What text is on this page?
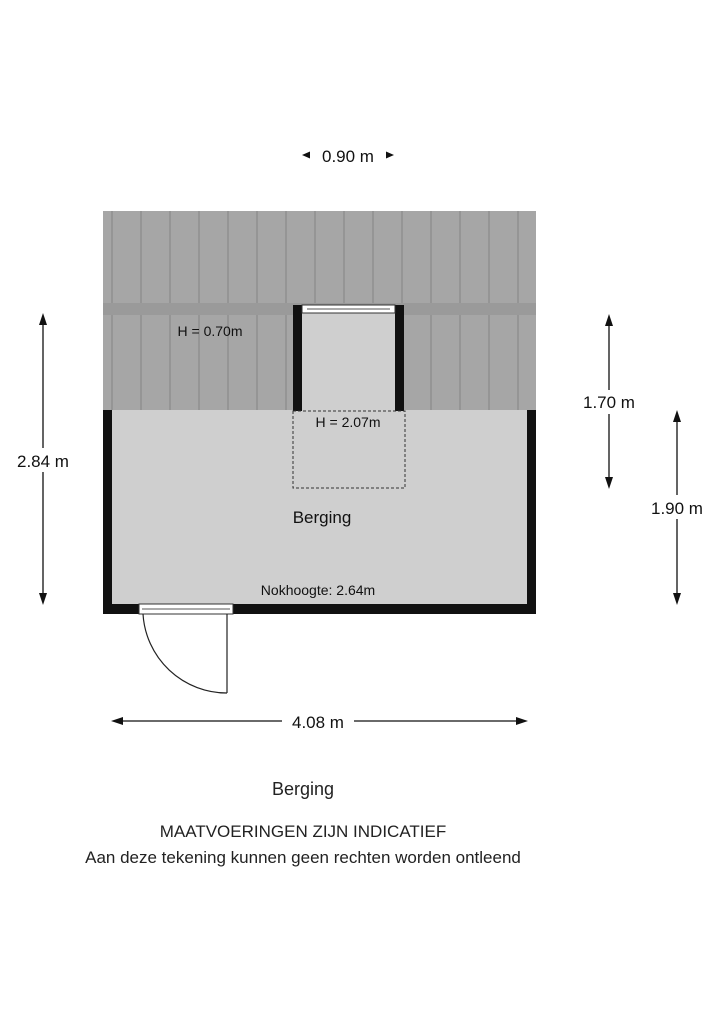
0.90 m
2.84 m
1.70 m
1.90 m
4.08 m
H = 0.70m
H = 2.07m
Berging
Nokhoogte: 2.64m
Berging
MAATVOERINGEN ZIJN INDICATIEF
Aan deze tekening kunnen geen rechten worden ontleend
